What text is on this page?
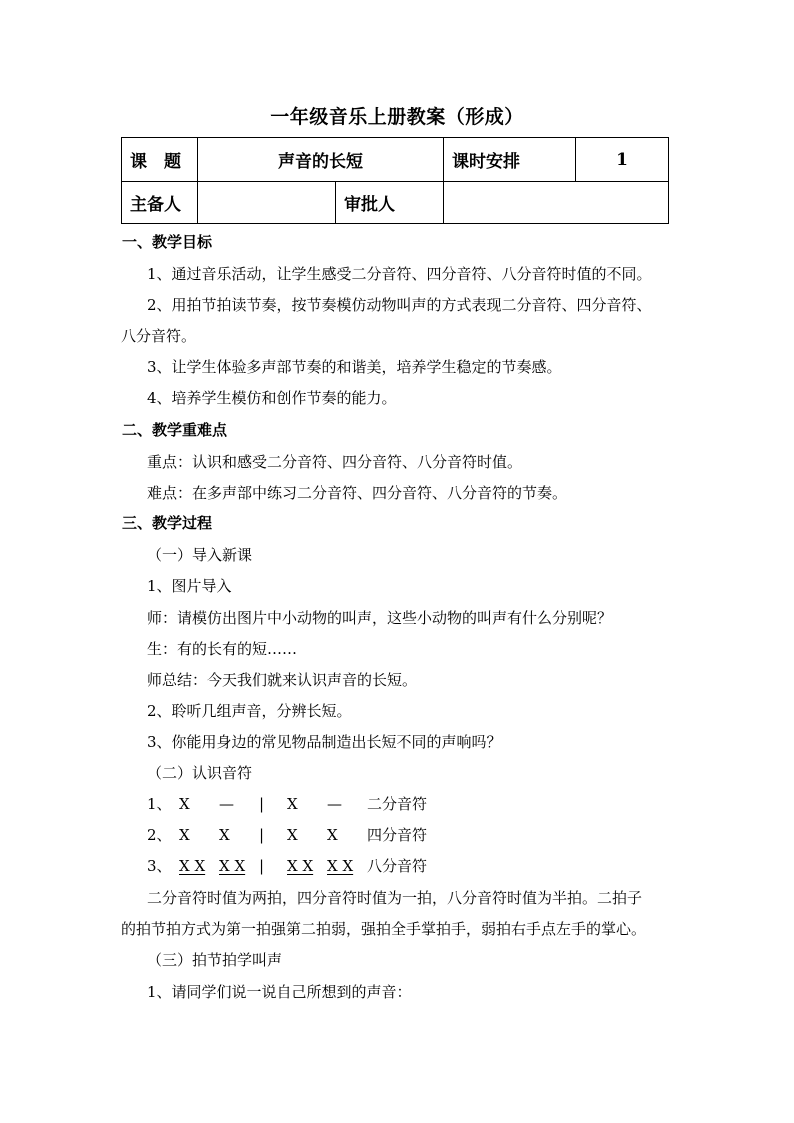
一年级音乐上册教案（形成）
课　题	声音的长短		课时安排	1
主备人		审批人		
一、教学目标
1、通过音乐活动，让学生感受二分音符、四分音符、八分音符时值的不同。
2、用拍节拍读节奏，按节奏模仿动物叫声的方式表现二分音符、四分音符、
八分音符。
3、让学生体验多声部节奏的和谐美，培养学生稳定的节奏感。
4、培养学生模仿和创作节奏的能力。
二、教学重难点
重点：认识和感受二分音符、四分音符、八分音符时值。
难点：在多声部中练习二分音符、四分音符、八分音符的节奏。
三、教学过程
（一）导入新课
1、图片导入
师：请模仿出图片中小动物的叫声，这些小动物的叫声有什么分别呢？
生：有的长有的短……
师总结：今天我们就来认识声音的长短。
2、聆听几组声音，分辨长短。
3、你能用身边的常见物品制造出长短不同的声响吗？
（二）认识音符
1、 X — | X — 二分音符
2、 X X | X X 四分音符
3、 X X X X | X X X X 八分音符
二分音符时值为两拍，四分音符时值为一拍，八分音符时值为半拍。二拍子
的拍节拍方式为第一拍强第二拍弱，强拍全手掌拍手，弱拍右手点左手的掌心。
（三）拍节拍学叫声
1、请同学们说一说自己所想到的声音：
